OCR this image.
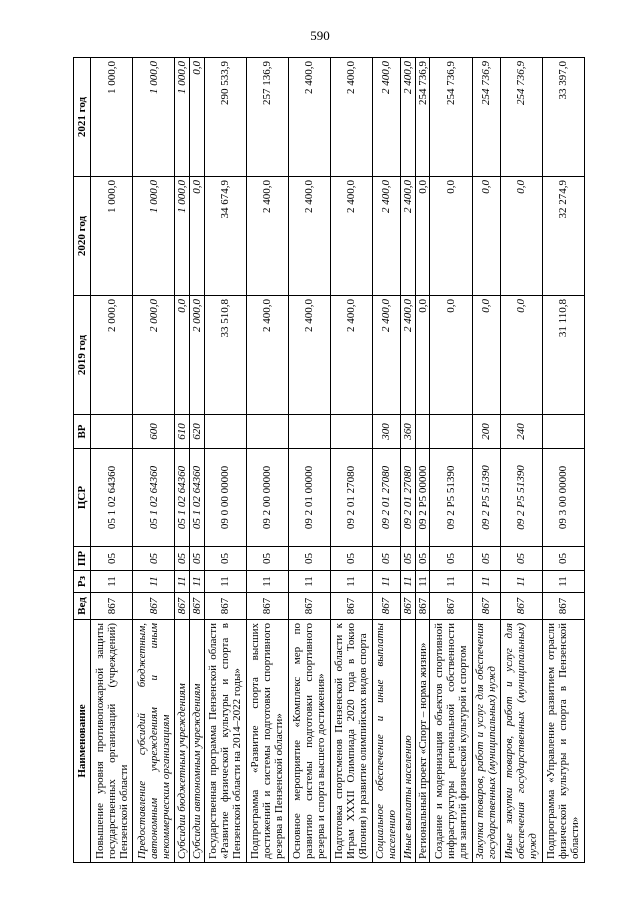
590
Наименование	Вед	Рз	ПР	ЦСР	ВР	2019 год	2020 год	2021 год
Повышение уровня противопожарной защиты государственных организаций (учреждений) Пензенской области	867	11	05	05 1 02 64360		2 000,0	1 000,0	1 000,0
Предоставление субсидий бюджетным, автономным учреждениям и иным некоммерческим организациям	867	11	05	05 1 02 64360	600	2 000,0	1 000,0	1 000,0
Субсидии бюджетным учреждениям	867	11	05	05 1 02 64360	610	0,0	1 000,0	1 000,0
Субсидии автономным учреждениям	867	11	05	05 1 02 64360	620	2 000,0	0,0	0,0
Государственная программа Пензенской области «Развитие физической культуры и спорта в Пензенской области на 2014–2022 годы»	867	11	05	09 0 00 00000		33 510,8	34 674,9	290 533,9
Подпрограмма «Развитие спорта высших достижений и системы подготовки спортивного резерва в Пензенской области»	867	11	05	09 2 00 00000		2 400,0	2 400,0	257 136,9
Основное мероприятие «Комплекс мер по развитию системы подготовки спортивного резерва и спорта высшего достижения»	867	11	05	09 2 01 00000		2 400,0	2 400,0	2 400,0
Подготовка спортсменов Пензенской области к Играм XXXII Олимпиада 2020 года в Токио (Япония) и развитие олимпийских видов спорта	867	11	05	09 2 01 27080		2 400,0	2 400,0	2 400,0
Социальное обеспечение и иные выплаты населению	867	11	05	09 2 01 27080	300	2 400,0	2 400,0	2 400,0
Иные выплаты населению	867	11	05	09 2 01 27080	360	2 400,0	2 400,0	2 400,0
Региональный проект «Спорт – норма жизни»	867	11	05	09 2 P5 00000		0,0	0,0	254 736,9
Создание и модернизация объектов спортивной инфраструктуры региональной собственности для занятий физической культурой и спортом	867	11	05	09 2 P5 51390		0,0	0,0	254 736,9
Закупка товаров, работ и услуг для обеспечения государственных (муниципальных) нужд	867	11	05	09 2 P5 51390	200	0,0	0,0	254 736,9
Иные закупки товаров, работ и услуг для обеспечения государственных (муниципальных) нужд	867	11	05	09 2 P5 51390	240	0,0	0,0	254 736,9
Подпрограмма «Управление развитием отрасли физической культуры и спорта в Пензенской области»	867	11	05	09 3 00 00000		31 110,8	32 274,9	33 397,0
